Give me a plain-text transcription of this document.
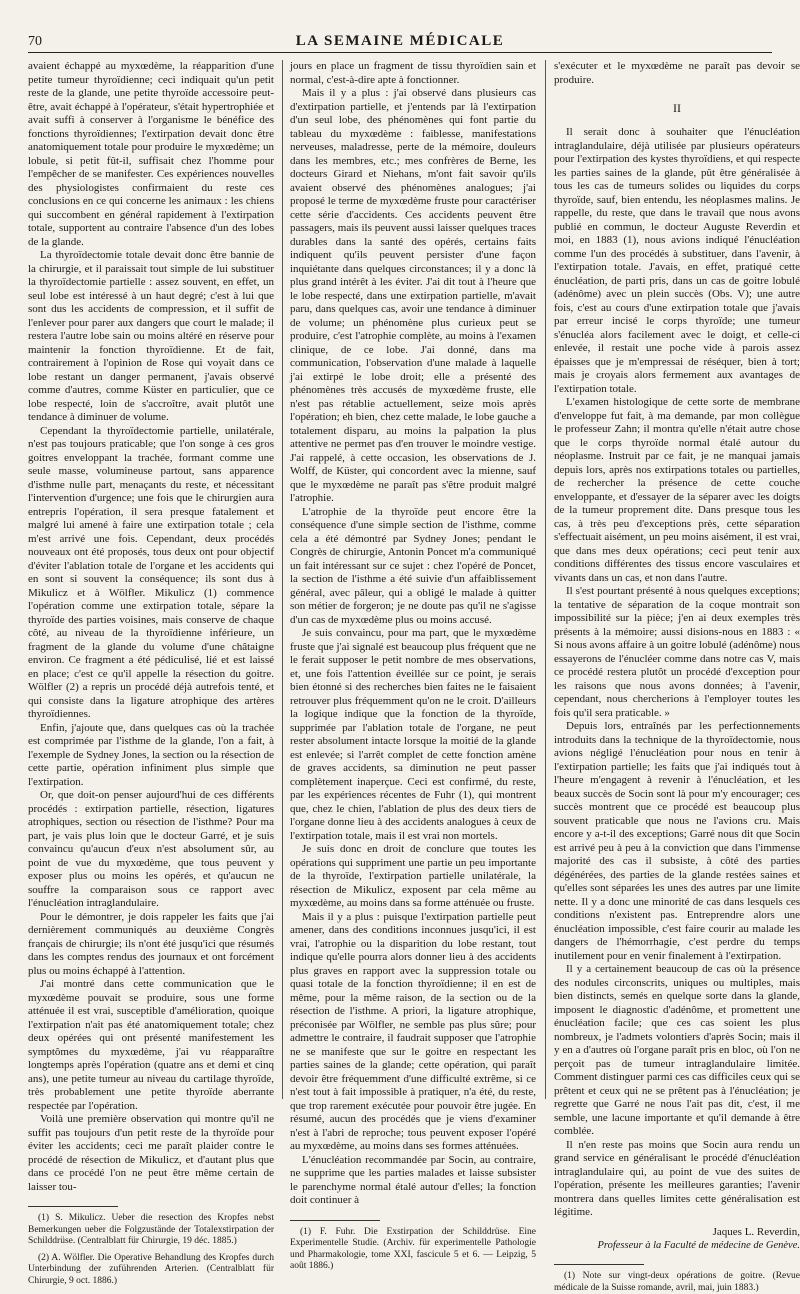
70	LA SEMAINE MÉDICALE

avaient échappé au myxœdème, la réapparition d'une petite tumeur thyroïdienne; ceci indiquait qu'un petit reste de la glande, une petite thyroïde accessoire peut-être, avait échappé à l'opérateur, s'était hypertrophiée et avait suffi à conserver à l'organisme le bénéfice des fonctions thyroïdiennes; l'extirpation devait donc être anatomiquement totale pour produire le myxœdème; un lobule, si petit fût-il, suffisait chez l'homme pour l'empêcher de se manifester. Ces expériences nouvelles des physiologistes confirmaient du reste ces conclusions en ce qui concerne les animaux : les chiens qui succombent en général rapidement à l'extirpation totale, supportent au contraire l'absence d'un des lobes de la glande.

La thyroïdectomie totale devait donc être bannie de la chirurgie, et il paraissait tout simple de lui substituer la thyroïdectomie partielle : assez souvent, en effet, un seul lobe est intéressé à un haut degré; c'est à lui que sont dus les accidents de compression, et il suffit de l'enlever pour parer aux dangers que court le malade; il restera l'autre lobe sain ou moins altéré en réserve pour maintenir la fonction thyroïdienne. Et de fait, contrairement à l'opinion de Rose qui voyait dans ce lobe restant un danger permanent, j'avais observé comme d'autres, comme Küster en particulier, que ce lobe respecté, loin de s'accroître, avait plutôt une tendance à diminuer de volume.

Cependant la thyroïdectomie partielle, unilatérale, n'est pas toujours praticable; que l'on songe à ces gros goitres enveloppant la trachée, formant comme une seule masse, volumineuse partout, sans apparence d'isthme nulle part, menaçants du reste, et nécessitant l'intervention d'urgence; une fois que le chirurgien aura entrepris l'opération, il sera presque fatalement et malgré lui amené à faire une extirpation totale ; cela m'est arrivé une fois. Cependant, deux procédés nouveaux ont été proposés, tous deux ont pour objectif d'éviter l'ablation totale de l'organe et les accidents qui en sont si souvent la conséquence; ils sont dus à Mikulicz et à Wölfler. Mikulicz (1) commence l'opération comme une extirpation totale, sépare la thyroïde des parties voisines, mais conserve de chaque côté, au niveau de la thyroïdienne inférieure, un fragment de la glande du volume d'une châtaigne environ. Ce fragment a été pédiculisé, lié et est laissé en place; c'est ce qu'il appelle la résection du goitre. Wölfler (2) a repris un procédé déjà autrefois tenté, et qui consiste dans la ligature atrophique des artères thyroïdiennes.

Enfin, j'ajoute que, dans quelques cas où la trachée est comprimée par l'isthme de la glande, l'on a fait, à l'exemple de Sydney Jones, la section ou la résection de cette partie, opération infiniment plus simple que l'extirpation.

Or, que doit-on penser aujourd'hui de ces différents procédés : extirpation partielle, résection, ligatures atrophiques, section ou résection de l'isthme? Pour ma part, je vais plus loin que le docteur Garré, et je suis convaincu qu'aucun d'eux n'est absolument sûr, au point de vue du myxœdème, que tous peuvent y exposer plus ou moins les opérés, et qu'aucun ne souffre la comparaison sous ce rapport avec l'énucléation intraglandulaire.

Pour le démontrer, je dois rappeler les faits que j'ai dernièrement communiqués au deuxième Congrès français de chirurgie; ils n'ont été jusqu'ici que résumés dans les comptes rendus des journaux et ont forcément plus ou moins échappé à l'attention.

J'ai montré dans cette communication que le myxœdème pouvait se produire, sous une forme atténuée il est vrai, susceptible d'amélioration, quoique l'extirpation n'ait pas été anatomiquement totale; chez deux opérées qui ont présenté manifestement les symptômes du myxœdème, j'ai vu réapparaître longtemps après l'opération (quatre ans et demi et cinq ans), une petite tumeur au niveau du cartilage thyroïde, très probablement une petite thyroïde aberrante respectée par l'opération.

Voilà une première observation qui montre qu'il ne suffit pas toujours d'un petit reste de la thyroïde pour éviter les accidents; ceci me paraît plaider contre le procédé de résection de Mikulicz, et d'autant plus que dans ce procédé l'on ne peut être même certain de laisser tou-

(1) S. Mikulicz. Ueber die resection des Kropfes nebst Bemerkungen ueber die Folgzustände der Totalexstirpation der Schilddrüse. (Centralblatt für Chirurgie, 19 déc. 1885.)

(2) A. Wölfler. Die Operative Behandlung des Kropfes durch Unterbindung der zuführenden Arterien. (Centralblatt für Chirurgie, 9 oct. 1886.)

jours en place un fragment de tissu thyroïdien sain et normal, c'est-à-dire apte à fonctionner.

Mais il y a plus : j'ai observé dans plusieurs cas d'extirpation partielle, et j'entends par là l'extirpation d'un seul lobe, des phénomènes qui font partie du tableau du myxœdème : faiblesse, manifestations nerveuses, maladresse, perte de la mémoire, douleurs dans les membres, etc.; mes confrères de Berne, les docteurs Girard et Niehans, m'ont fait savoir qu'ils avaient observé des phénomènes analogues; j'ai proposé le terme de myxœdème fruste pour caractériser cette série d'accidents. Ces accidents peuvent être passagers, mais ils peuvent aussi laisser quelques traces durables dans la santé des opérés, certains faits indiquent qu'ils peuvent persister d'une façon inquiétante dans quelques circonstances; il y a donc là plus grand intérêt à les éviter. J'ai dit tout à l'heure que le lobe respecté, dans une extirpation partielle, m'avait paru, dans quelques cas, avoir une tendance à diminuer de volume; un phénomène plus curieux peut se produire, c'est l'atrophie complète, au moins à l'examen clinique, de ce lobe. J'ai donné, dans ma communication, l'observation d'une malade à laquelle j'ai extirpé le lobe droit; elle a présenté des phénomènes très accusés de myxœdème fruste, elle n'est pas rétablie actuellement, seize mois après l'opération; eh bien, chez cette malade, le lobe gauche a totalement disparu, au moins la palpation la plus attentive ne permet pas d'en trouver le moindre vestige. J'ai rappelé, à cette occasion, les observations de J. Wolff, de Küster, qui concordent avec la mienne, sauf que le myxœdème ne paraît pas s'être produit malgré l'atrophie.

L'atrophie de la thyroïde peut encore être la conséquence d'une simple section de l'isthme, comme cela a été démontré par Sydney Jones; pendant le Congrès de chirurgie, Antonin Poncet m'a communiqué un fait intéressant sur ce sujet : chez l'opéré de Poncet, la section de l'isthme a été suivie d'un affaiblissement général, avec pâleur, qui a obligé le malade à quitter son métier de forgeron; je ne doute pas qu'il ne s'agisse d'un cas de myxœdème plus ou moins accusé.

Je suis convaincu, pour ma part, que le myxœdème fruste que j'ai signalé est beaucoup plus fréquent que ne le ferait supposer le petit nombre de mes observations, et, une fois l'attention éveillée sur ce point, je serais bien étonné si des recherches bien faites ne le faisaient retrouver plus fréquemment qu'on ne le croit. D'ailleurs la logique indique que la fonction de la thyroïde, supprimée par l'ablation totale de l'organe, ne peut rester absolument intacte lorsque la moitié de la glande est enlevée; si l'arrêt complet de cette fonction amène de graves accidents, sa diminution ne peut passer complètement inaperçue. Ceci est confirmé, du reste, par les expériences récentes de Fuhr (1), qui montrent que, chez le chien, l'ablation de plus des deux tiers de l'organe donne lieu à des accidents analogues à ceux de l'extirpation totale, mais il est vrai non mortels.

Je suis donc en droit de conclure que toutes les opérations qui suppriment une partie un peu importante de la thyroïde, l'extirpation partielle unilatérale, la résection de Mikulicz, exposent par cela même au myxœdème, au moins dans sa forme atténuée ou fruste.

Mais il y a plus : puisque l'extirpation partielle peut amener, dans des conditions inconnues jusqu'ici, il est vrai, l'atrophie ou la disparition du lobe restant, tout indique qu'elle pourra alors donner lieu à des accidents plus graves en rapport avec la suppression totale ou quasi totale de la fonction thyroïdienne; il en est de même, pour la même raison, de la section ou de la résection de l'isthme. A priori, la ligature atrophique, préconisée par Wölfler, ne semble pas plus sûre; pour admettre le contraire, il faudrait supposer que l'atrophie ne se manifeste que sur le goitre en respectant les parties saines de la glande; cette opération, qui paraît devoir être fréquemment d'une difficulté extrême, si ce n'est tout à fait impossible à pratiquer, n'a été, du reste, que trop rarement exécutée pour pouvoir être jugée. En résumé, aucun des procédés que je viens d'examiner n'est à l'abri de reproche; tous peuvent exposer l'opéré au myxœdème, au moins dans ses formes atténuées.

L'énucléation recommandée par Socin, au contraire, ne supprime que les parties malades et laisse subsister le parenchyme normal étalé autour d'elles; la fonction doit continuer à

(1) F. Fuhr. Die Exstirpation der Schilddrüse. Eine Experimentelle Studie. (Archiv. für experimentelle Pathologie und Pharmakologie, tome XXI, fascicule 5 et 6. — Leipzig, 5 août 1886.)

s'exécuter et le myxœdème ne paraît pas devoir se produire.

II

Il serait donc à souhaiter que l'énucléation intraglandulaire, déjà utilisée par plusieurs opérateurs pour l'extirpation des kystes thyroïdiens, et qui respecte les parties saines de la glande, pût être généralisée à tous les cas de tumeurs solides ou liquides du corps thyroïde, sauf, bien entendu, les néoplasmes malins. Je rappelle, du reste, que dans le travail que nous avons publié en commun, le docteur Auguste Reverdin et moi, en 1883 (1), nous avions indiqué l'énucléation comme l'un des procédés à substituer, dans l'avenir, à l'extirpation totale. J'avais, en effet, pratiqué cette énucléation, de parti pris, dans un cas de goitre lobulé (adénôme) avec un plein succès (Obs. V); une autre fois, c'est au cours d'une extirpation totale que j'avais par erreur incisé le corps thyroïde; une tumeur s'énucléa alors facilement avec le doigt, et celle-ci enlevée, il restait une poche vide à parois assez épaisses que je m'empressai de réséquer, bien à tort; mais je croyais alors fermement aux avantages de l'extirpation totale.

L'examen histologique de cette sorte de membrane d'enveloppe fut fait, à ma demande, par mon collègue le professeur Zahn; il montra qu'elle n'était autre chose que le corps thyroïde normal étalé autour du néoplasme. Instruit par ce fait, je ne manquai jamais depuis lors, après nos extirpations totales ou partielles, de rechercher la présence de cette couche enveloppante, et d'essayer de la séparer avec les doigts de la tumeur proprement dite. Dans presque tous les cas, à très peu d'exceptions près, cette séparation s'effectuait aisément, un peu moins aisément, il est vrai, que dans mes deux opérations; ceci peut tenir aux conditions différentes des tissus encore vasculaires et vivants dans un cas, et non dans l'autre.

Il s'est pourtant présenté à nous quelques exceptions; la tentative de séparation de la coque montrait son impossibilité sur la pièce; j'en ai deux exemples très présents à la mémoire; aussi disions-nous en 1883 : « Si nous avons affaire à un goitre lobulé (adénôme) nous essayerons de l'énucléer comme dans notre cas V, mais ce procédé restera plutôt un procédé d'exception pour les raisons que nous avons données; à l'avenir, cependant, nous chercherions à l'employer toutes les fois qu'il sera praticable. »

Depuis lors, entraînés par les perfectionnements introduits dans la technique de la thyroïdectomie, nous avions négligé l'énucléation pour nous en tenir à l'extirpation partielle; les faits que j'ai indiqués tout à l'heure m'engagent à revenir à l'énucléation, et les beaux succès de Socin sont là pour m'y encourager; ces succès montrent que ce procédé est beaucoup plus souvent praticable que nous ne l'avions cru. Mais encore y a-t-il des exceptions; Garré nous dit que Socin est arrivé peu à peu à la conviction que dans l'immense majorité des cas il subsiste, à côté des parties dégénérées, des parties de la glande restées saines et qu'elles sont séparées les unes des autres par une limite nette. Il y a donc une minorité de cas dans lesquels ces conditions n'existent pas. Entreprendre alors une énucléation impossible, c'est faire courir au malade les dangers de l'hémorrhagie, c'est perdre du temps inutilement pour en venir finalement à l'extirpation.

Il y a certainement beaucoup de cas où la présence des nodules circonscrits, uniques ou multiples, mais bien distincts, semés en quelque sorte dans la glande, imposent le diagnostic d'adénôme, et promettent une énucléation facile; que ces cas soient les plus nombreux, je l'admets volontiers d'après Socin; mais il y en a d'autres où l'organe paraît pris en bloc, où l'on ne perçoit pas de tumeur intraglandulaire limitée. Comment distinguer parmi ces cas difficiles ceux qui se prêtent et ceux qui ne se prêtent pas à l'énucléation; je regrette que Garré ne nous l'ait pas dit, c'est, il me semble, une lacune importante et qu'il demande à être comblée.

Il n'en reste pas moins que Socin aura rendu un grand service en généralisant le procédé d'énucléation intraglandulaire qui, au point de vue des suites de l'opération, présente les meilleures garanties; l'avenir montrera dans quelles limites cette généralisation est légitime.

Jaques L. Reverdin,
Professeur à la Faculté de médecine de Genève.

(1) Note sur vingt-deux opérations de goitre. (Revue médicale de la Suisse romande, avril, mai, juin 1883.)
